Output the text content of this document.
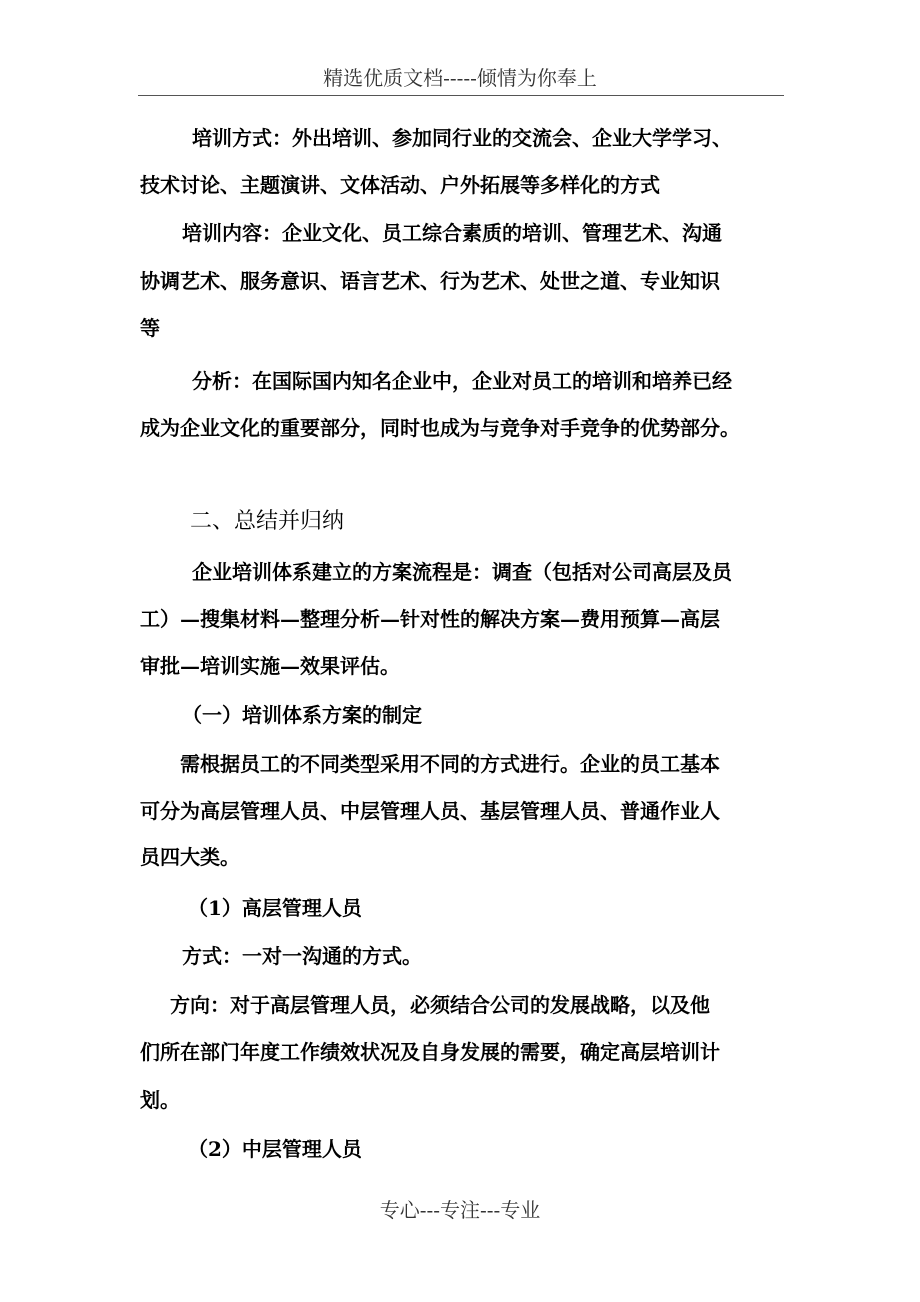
精选优质文档-----倾情为你奉上
培训方式：外出培训、参加同行业的交流会、企业大学学习、
技术讨论、主题演讲、文体活动、户外拓展等多样化的方式
培训内容：企业文化、员工综合素质的培训、管理艺术、沟通
协调艺术、服务意识、语言艺术、行为艺术、处世之道、专业知识
等
分析：在国际国内知名企业中，企业对员工的培训和培养已经
成为企业文化的重要部分，同时也成为与竞争对手竞争的优势部分。
二、总结并归纳
企业培训体系建立的方案流程是：调查（包括对公司高层及员
工）—搜集材料—整理分析—针对性的解决方案—费用预算—高层
审批—培训实施—效果评估。
（一）培训体系方案的制定
需根据员工的不同类型采用不同的方式进行。企业的员工基本
可分为高层管理人员、中层管理人员、基层管理人员、普通作业人
员四大类。
（1）高层管理人员
方式：一对一沟通的方式。
方向：对于高层管理人员，必须结合公司的发展战略，以及他
们所在部门年度工作绩效状况及自身发展的需要，确定高层培训计
划。
（2）中层管理人员
专心---专注---专业
